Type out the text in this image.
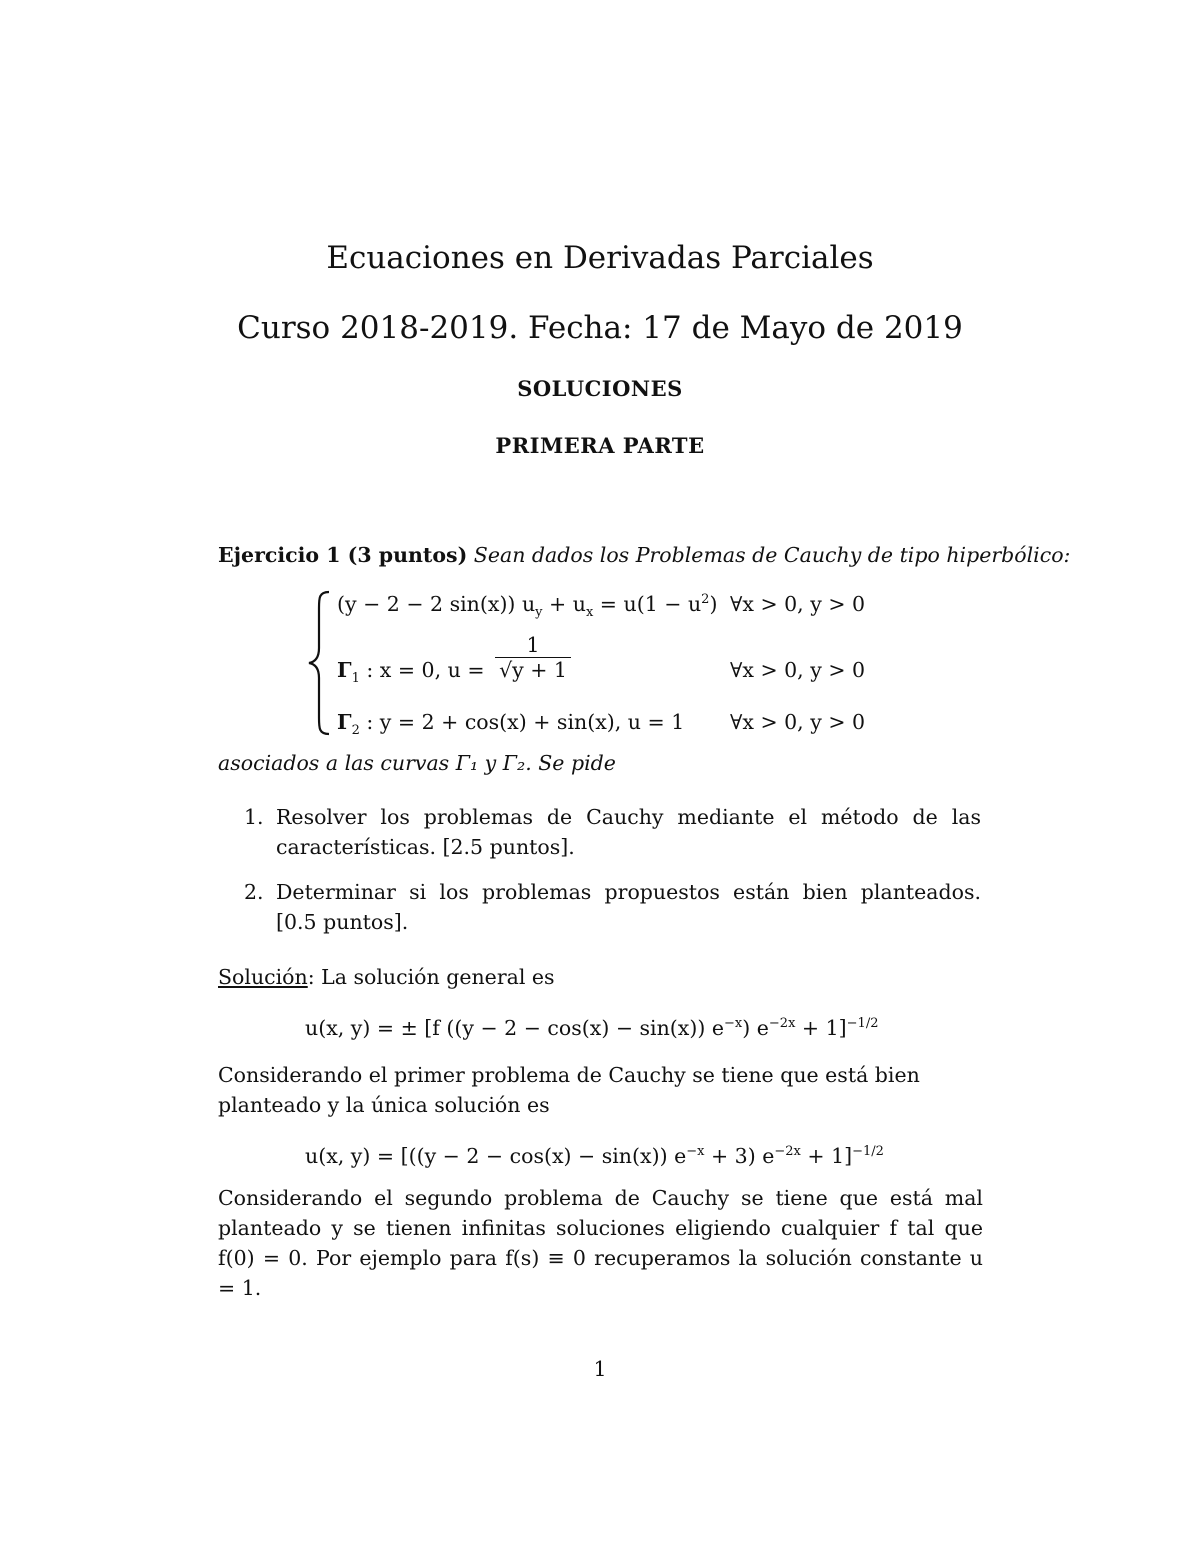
Ecuaciones en Derivadas Parciales
Curso 2018-2019. Fecha: 17 de Mayo de 2019
SOLUCIONES
PRIMERA PARTE
Ejercicio 1 (3 puntos) Sean dados los Problemas de Cauchy de tipo hiperbólico:
(y − 2 − 2 sin(x)) $u_y + u_x = u(1 - u^2)$ ∀x > 0, y > 0
$\Gamma_1$ : x = 0, $u = \frac{1}{√y + 1}$	∀x > 0, y > 0
$\Gamma_2$ : y = 2 + cos(x) + sin(x), u = 1 ∀x > 0, y > 0
asociados a las curvas Γ₁ y Γ₂. Se pide
1. Resolver los problemas de Cauchy mediante el método de las características. [2.5 puntos].
2. Determinar si los problemas propuestos están bien planteados. [0.5 puntos].
Solución: La solución general es
u(x, y) = ± [f ((y − 2 − cos(x) − sin(x)) $e^{-x}$) $e^{-2x} + 1]^{-1/2}$
Considerando el primer problema de Cauchy se tiene que está bien planteado y la única solución es
u(x, y) = [((y − 2 − cos(x) − sin(x)) $e^{-x} + 3$) $e^{-2x} + 1]^{-1/2}$
Considerando el segundo problema de Cauchy se tiene que está mal planteado y se tienen infinitas soluciones eligiendo cualquier f tal que f(0) = 0. Por ejemplo para f(s) ≡ 0 recuperamos la solución constante u = 1.
1
